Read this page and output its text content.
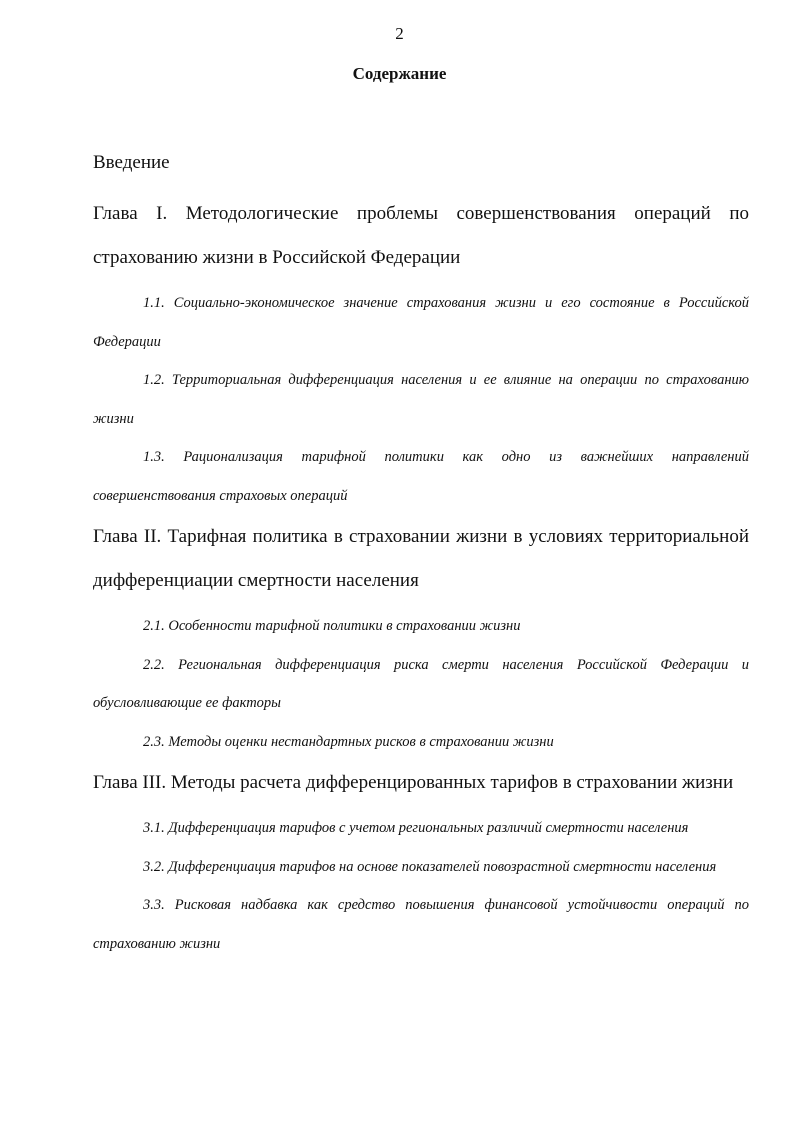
2
Содержание

Введение

Глава I. Методологические проблемы совершенствования операций по страхованию жизни в Российской Федерации

1.1. Социально-экономическое значение страхования жизни и его состояние в Российской Федерации

1.2. Территориальная дифференциация населения и ее влияние на операции по страхованию жизни

1.3. Рационализация тарифной политики как одно из важнейших направлений совершенствования страховых операций

Глава II. Тарифная политика в страховании жизни в условиях территориальной дифференциации смертности населения

2.1. Особенности тарифной политики в страховании жизни

2.2. Региональная дифференциация риска смерти населения Российской Федерации и обусловливающие ее факторы

2.3. Методы оценки нестандартных рисков в страховании жизни

Глава III. Методы расчета дифференцированных тарифов в страховании жизни

3.1. Дифференциация тарифов с учетом региональных различий смертности населения

3.2. Дифференциация тарифов на основе показателей повозрастной смертности населения

3.3. Рисковая надбавка как средство повышения финансовой устойчивости операций по страхованию жизни
